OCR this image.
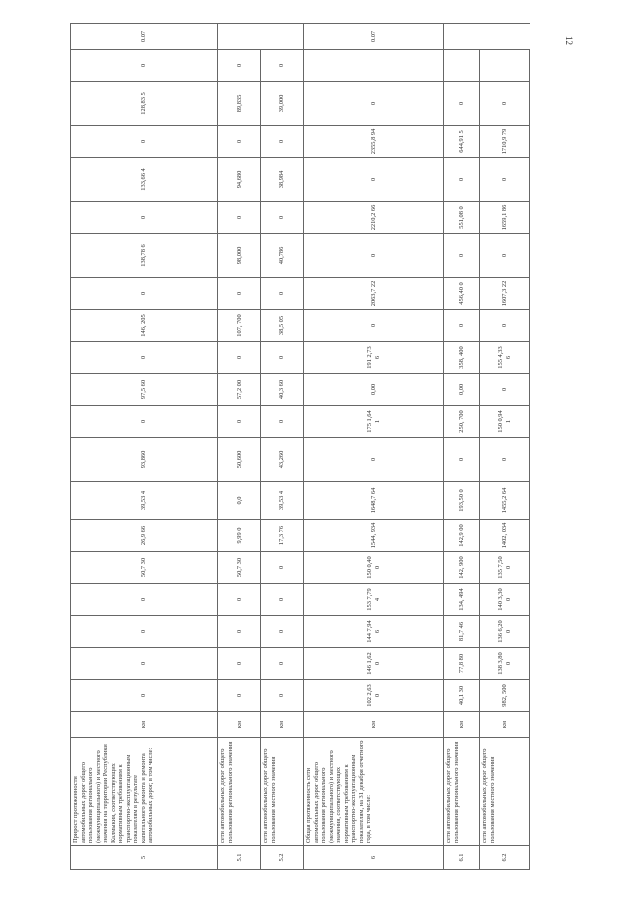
12
5	Прирост протяженности автомобильных дорог общего пользования регионального (межмуниципального) и местного значения на территории Республики Калмыкия, соответствующих нормативным требованиям к транспортно-эксплуатационным показателям в результате капитального ремонта и ремонта автомобильных дорог, в том числе:	км	0	0	0	0	50,7 30	26,9 66	39,53 4	93,860	0	97,5 60	0	146, 205	0	138,78 6	0	133,66 4	0	128,83 5	0	0.07
5.1	сети автомобильных дорог общего пользования регионального значения	км	0	0	0	0	50,7 30	9,99 0	0,0	50,600	0	57,2 00	0	107, 700	0	98,000	0	94,680	0	89,835	0	
5.2	сети автомобильных дорог общего пользования местного значения	км	0	0	0	0	0	17,3 76	39,53 4	43,260	0	40,3 60	0	38,5 05	0	40,786	0	38,984	0	39,000	0	
6	Общая протяженность сети автомобильных дорог общего пользования регионального (межмуниципального) и местного значения, соответствующих нормативным требованиям к транспортно-эксплуатационным показателям, на 31 декабря отчетного года, в том числе:	км	102 2,63 0	146 1,62 0	144 7,94 6	153 7,79 4	150 0,40 0	1544, 934	1648,7 64	0	175 1,64 1	0,00	191 2,73 6	0	2063,7 22	0	2210,2 66	0	2355,8 94	0		0.07
6.1	сети автомобильных дорог общего пользования регионального значения	км	40,1 30	77,8 80	81,7 46	134, 494	142, 900	142,9 00	193,50 0	0	250, 700	0,00	358, 400	0	456,40 0	0	551,08 0	0	644,91 5	0		
6.2	сети автомобильных дорог общего пользования местного значения	км	982, 500	138 3,80 0	136 6,20 0	140 3,30 0	135 7,50 0	1402, 034	1455,2 64	0	150 0,94 1	0	155 4,33 6	0	1607,3 22	0	1659,1 86	0	1710,9 79	0		
